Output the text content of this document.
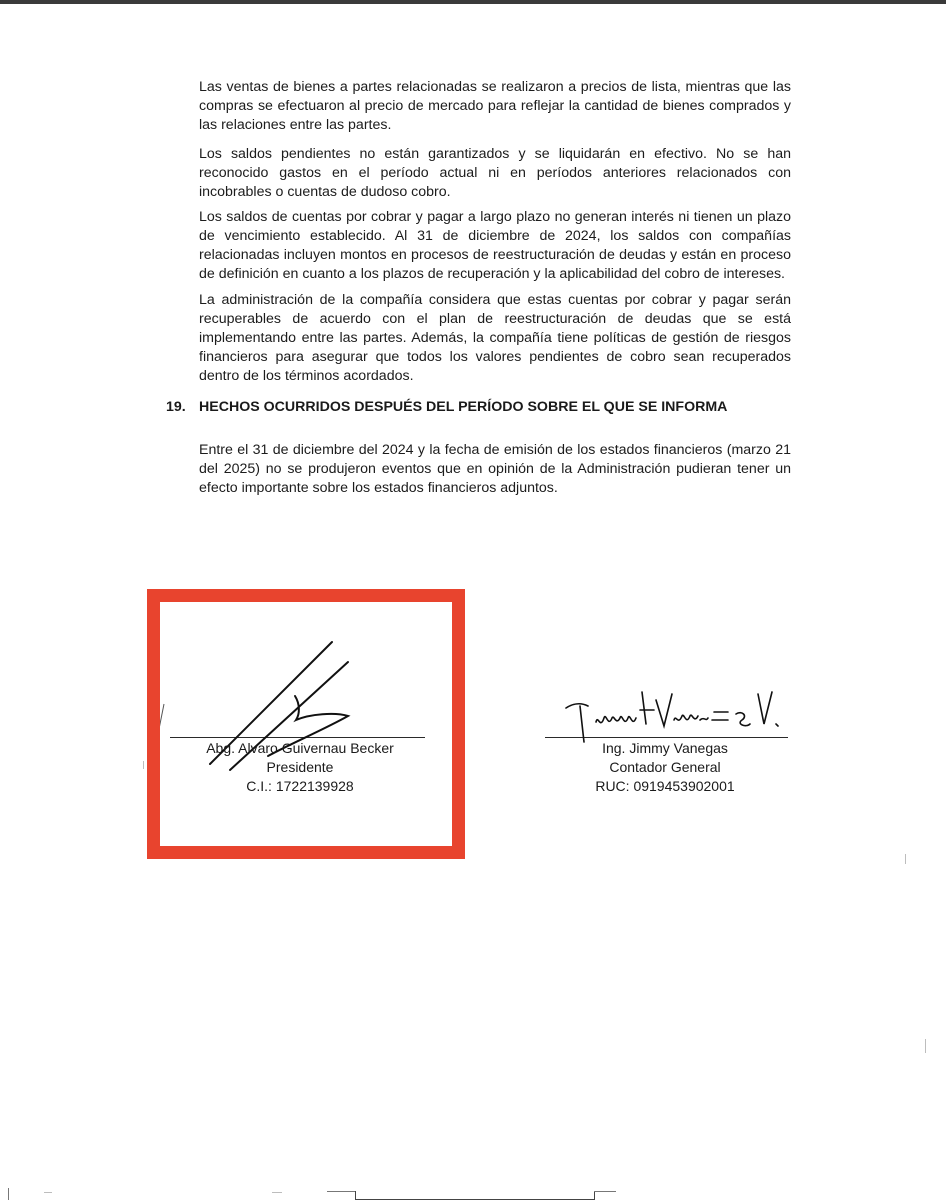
Las ventas de bienes a partes relacionadas se realizaron a precios de lista, mientras que las compras se efectuaron al precio de mercado para reflejar la cantidad de bienes comprados y las relaciones entre las partes.

Los saldos pendientes no están garantizados y se liquidarán en efectivo. No se han reconocido gastos en el período actual ni en períodos anteriores relacionados con incobrables o cuentas de dudoso cobro.

Los saldos de cuentas por cobrar y pagar a largo plazo no generan interés ni tienen un plazo de vencimiento establecido. Al 31 de diciembre de 2024, los saldos con compañías relacionadas incluyen montos en procesos de reestructuración de deudas y están en proceso de definición en cuanto a los plazos de recuperación y la aplicabilidad del cobro de intereses.

La administración de la compañía considera que estas cuentas por cobrar y pagar serán recuperables de acuerdo con el plan de reestructuración de deudas que se está implementando entre las partes. Además, la compañía tiene políticas de gestión de riesgos financieros para asegurar que todos los valores pendientes de cobro sean recuperados dentro de los términos acordados.

19. HECHOS OCURRIDOS DESPUÉS DEL PERÍODO SOBRE EL QUE SE INFORMA

Entre el 31 de diciembre del 2024 y la fecha de emisión de los estados financieros (marzo 21 del 2025) no se produjeron eventos que en opinión de la Administración pudieran tener un efecto importante sobre los estados financieros adjuntos.

Abg. Alvaro Guivernau Becker
Presidente
C.I.: 1722139928
Ing. Jimmy Vanegas
Contador General
RUC: 0919453902001
